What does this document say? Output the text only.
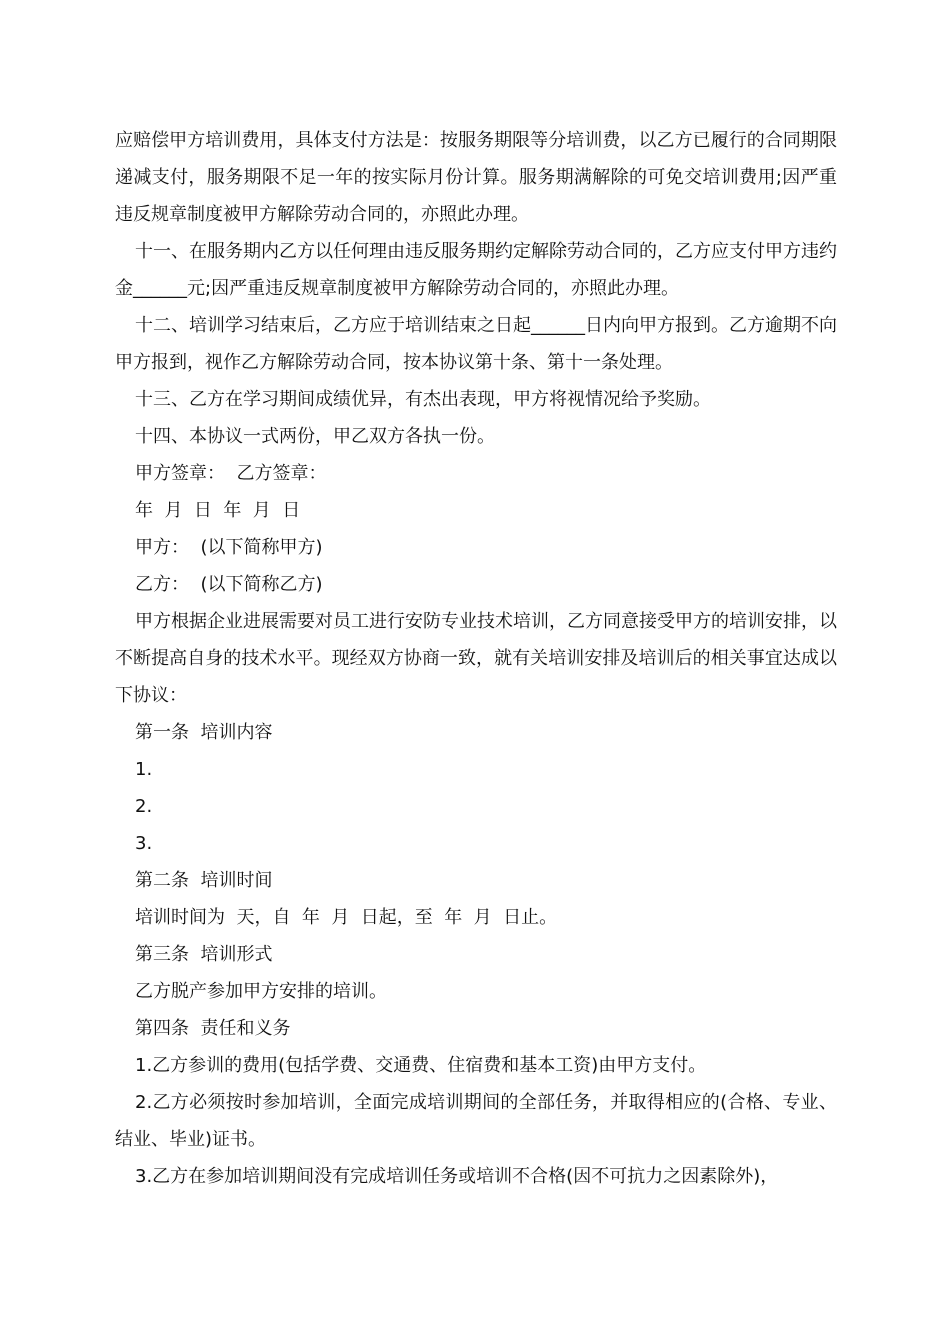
应赔偿甲方培训费用，具体支付方法是：按服务期限等分培训费，以乙方已履行的合同期限递减支付，服务期限不足一年的按实际月份计算。服务期满解除的可免交培训费用;因严重违反规章制度被甲方解除劳动合同的，亦照此办理。

十一、在服务期内乙方以任何理由违反服务期约定解除劳动合同的，乙方应支付甲方违约金______元;因严重违反规章制度被甲方解除劳动合同的，亦照此办理。

十二、培训学习结束后，乙方应于培训结束之日起______日内向甲方报到。乙方逾期不向甲方报到，视作乙方解除劳动合同，按本协议第十条、第十一条处理。

十三、乙方在学习期间成绩优异，有杰出表现，甲方将视情况给予奖励。

十四、本协议一式两份，甲乙双方各执一份。

甲方签章：  乙方签章：

年  月  日  年  月  日

甲方：  (以下简称甲方)

乙方：  (以下简称乙方)

甲方根据企业进展需要对员工进行安防专业技术培训，乙方同意接受甲方的培训安排，以不断提高自身的技术水平。现经双方协商一致，就有关培训安排及培训后的相关事宜达成以下协议：

第一条  培训内容

1.

2.

3.

第二条  培训时间

培训时间为  天，自  年  月  日起，至  年  月  日止。

第三条  培训形式

乙方脱产参加甲方安排的培训。

第四条  责任和义务

1.乙方参训的费用(包括学费、交通费、住宿费和基本工资)由甲方支付。

2.乙方必须按时参加培训，全面完成培训期间的全部任务，并取得相应的(合格、专业、结业、毕业)证书。

3.乙方在参加培训期间没有完成培训任务或培训不合格(因不可抗力之因素除外)，
